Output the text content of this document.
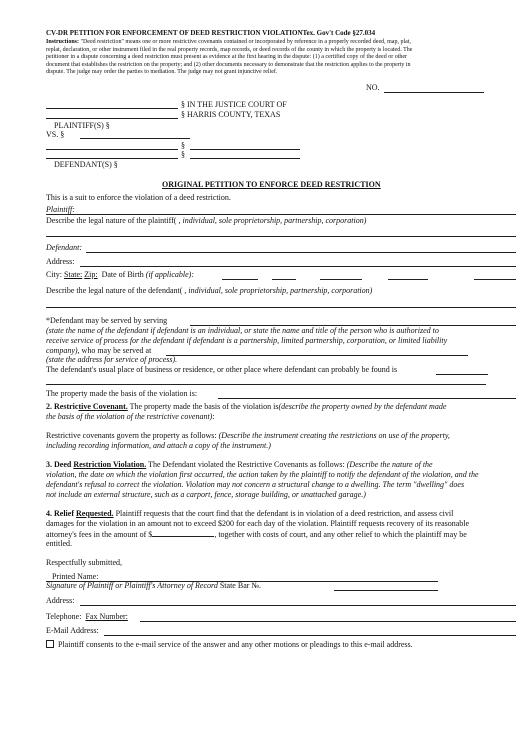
CV-DR PETITION FOR ENFORCEMENT OF DEED RESTRICTION VIOLATIONTex. Gov't Code §27.034
Instructions: "Deed restriction" means one or more restrictive covenants contained or incorporated by reference in a properly recorded deed, map, plat,
replat, declaration, or other instrument filed in the real property records, map records, or deed records of the county in which the property is located. The
petitioner in a dispute concerning a deed restriction must present as evidence at the first hearing in the dispute: (1) a certified copy of the deed or other
document that establishes the restriction on the property; and (2) other documents necessary to demonstrate that the restriction applies to the property in
dispute. The judge may order the parties to mediation. The judge may not grant injunctive relief.
NO.
§ IN THE JUSTICE COURT OF
§ HARRIS COUNTY, TEXAS
PLAINTIFF(S) §
VS. §
§
§
DEFENDANT(S) §
ORIGINAL PETITION TO ENFORCE DEED RESTRICTION
This is a suit to enforce the violation of a deed restriction.
Plaintiff:
Describe the legal nature of the plaintiff( , individual, sole proprietorship, partnership, corporation)
Defendant:
Address:
City: State: Zip: Date of Birth (if applicable):
Describe the legal nature of the defendant( , individual, sole proprietorship, partnership, corporation)
*Defendant may be served by serving
(state the name of the defendant if defendant is an individual, or state the name and title of the person who is authorized to
receive service of process for the defendant if defendant is a partnership, limited partnership, corporation, or limited liability
company), who may be served at
(state the address for service of process).
The defendant's usual place of business or residence, or other place where defendant can probably be found is
The property made the basis of the violation is:
2. Restrictive Covenant. The property made the basis of the violation is(describe the property owned by the defendant made
the basis of the violation of the restrictive covenant):
Restrictive covenants govern the property as follows: (Describe the instrument creating the restrictions on use of the property,
including recording information, and attach a copy of the instrument.)
3. Deed Restriction Violation. The Defendant violated the Restrictive Covenants as follows: (Describe the nature of the
violation, the date on which the violation first occurred, the action taken by the plaintiff to notify the defendant of the violation, and the
defendant's refusal to correct the violation. Violation may not concern a structural change to a dwelling. The term "dwelling" does
not include an external structure, such as a carport, fence, storage building, or unattached garage.)
4. Relief Requested. Plaintiff requests that the court find that the defendant is in violation of a deed restriction, and assess civil
damages for the violation in an amount not to exceed $200 for each day of the violation. Plaintiff requests recovery of its reasonable
attorney's fees in the amount of $	, together with costs of court, and any other relief to which the plaintiff may be
entitled.
Respectfully submitted,
Printed Name:
Signature of Plaintiff or Plaintiff's Attorney of Record State Bar №.
Address:
Telephone: Fax Number:
E-Mail Address:
Plaintiff consents to the e-mail service of the answer and any other motions or pleadings to this e-mail address.
